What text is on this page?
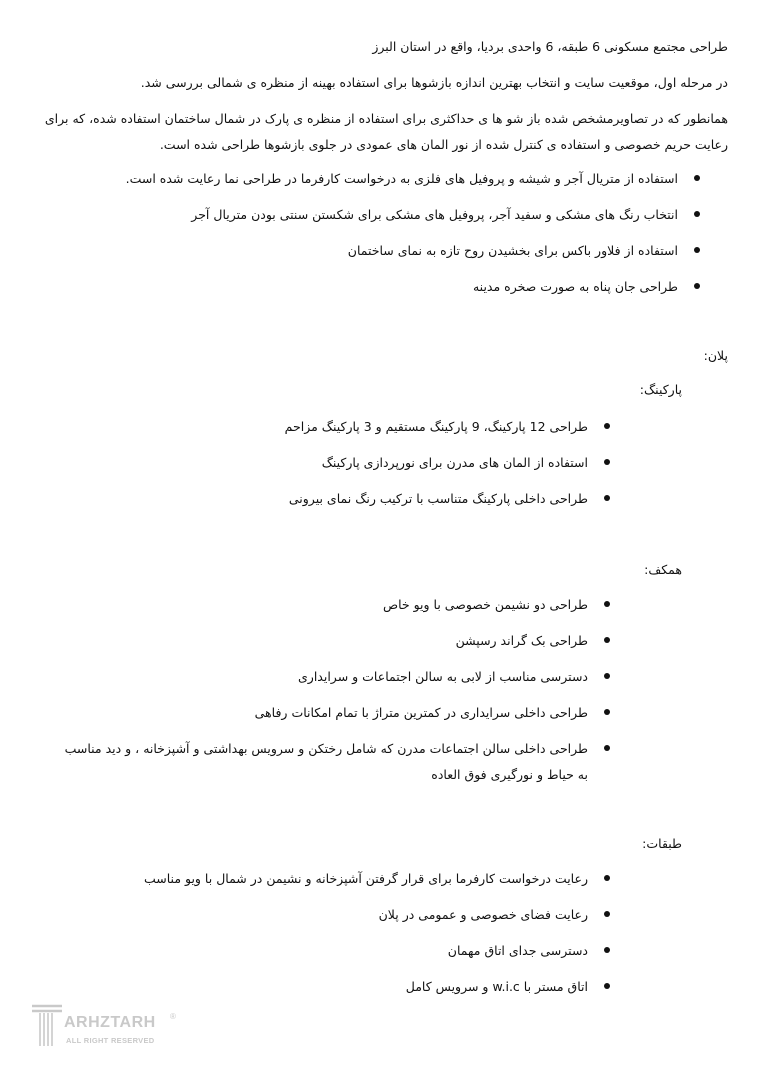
طراحی مجتمع مسکونی 6 طبقه، 6 واحدی بردیا، واقع در استان البرز

در مرحله اول، موقعیت سایت و انتخاب بهترین اندازه بازشوها برای استفاده بهینه از منظره ی شمالی بررسی شد.

همانطور که در تصاویرمشخص شده باز شو ها ی حداکثری برای استفاده از منظره ی پارک در شمال ساختمان استفاده شده، که برای رعایت حریم خصوصی و استفاده ی کنترل شده از نور المان های عمودی در جلوی بازشوها طراحی شده است.

استفاده از متریال آجر و شیشه و پروفیل های فلزی به درخواست کارفرما در طراحی نما رعایت شده است.
انتخاب رنگ های مشکی و سفید آجر، پروفیل های مشکی برای شکستن سنتی بودن متریال آجر
استفاده از فلاور باکس برای بخشیدن روح تازه به نمای ساختمان
طراحی جان پناه به صورت صخره مدینه

پلان:

پارکینگ:

طراحی 12 پارکینگ، 9 پارکینگ مستقیم و 3 پارکینگ مزاحم
استفاده از المان های مدرن برای نورپردازی پارکینگ
طراحی داخلی پارکینگ متناسب با ترکیب رنگ نمای بیرونی

همکف:

طراحی دو نشیمن خصوصی با ویو خاص
طراحی بک گراند رسپشن
دسترسی مناسب از لابی به سالن اجتماعات و سرایداری
طراحی داخلی سرایداری در کمترین متراژ با تمام امکانات رفاهی
طراحی داخلی سالن اجتماعات مدرن که شامل رختکن و سرویس بهداشتی و آشپزخانه ، و دید مناسب به حیاط و نورگیری فوق العاده

طبقات:

رعایت درخواست کارفرما برای قرار گرفتن آشپزخانه و نشیمن در شمال با ویو مناسب
رعایت فضای خصوصی و عمومی در پلان
دسترسی جدای اتاق مهمان
اتاق مستر با w.i.c و سرویس کامل
ARHZTARH ®
ALL RIGHT RESERVED
